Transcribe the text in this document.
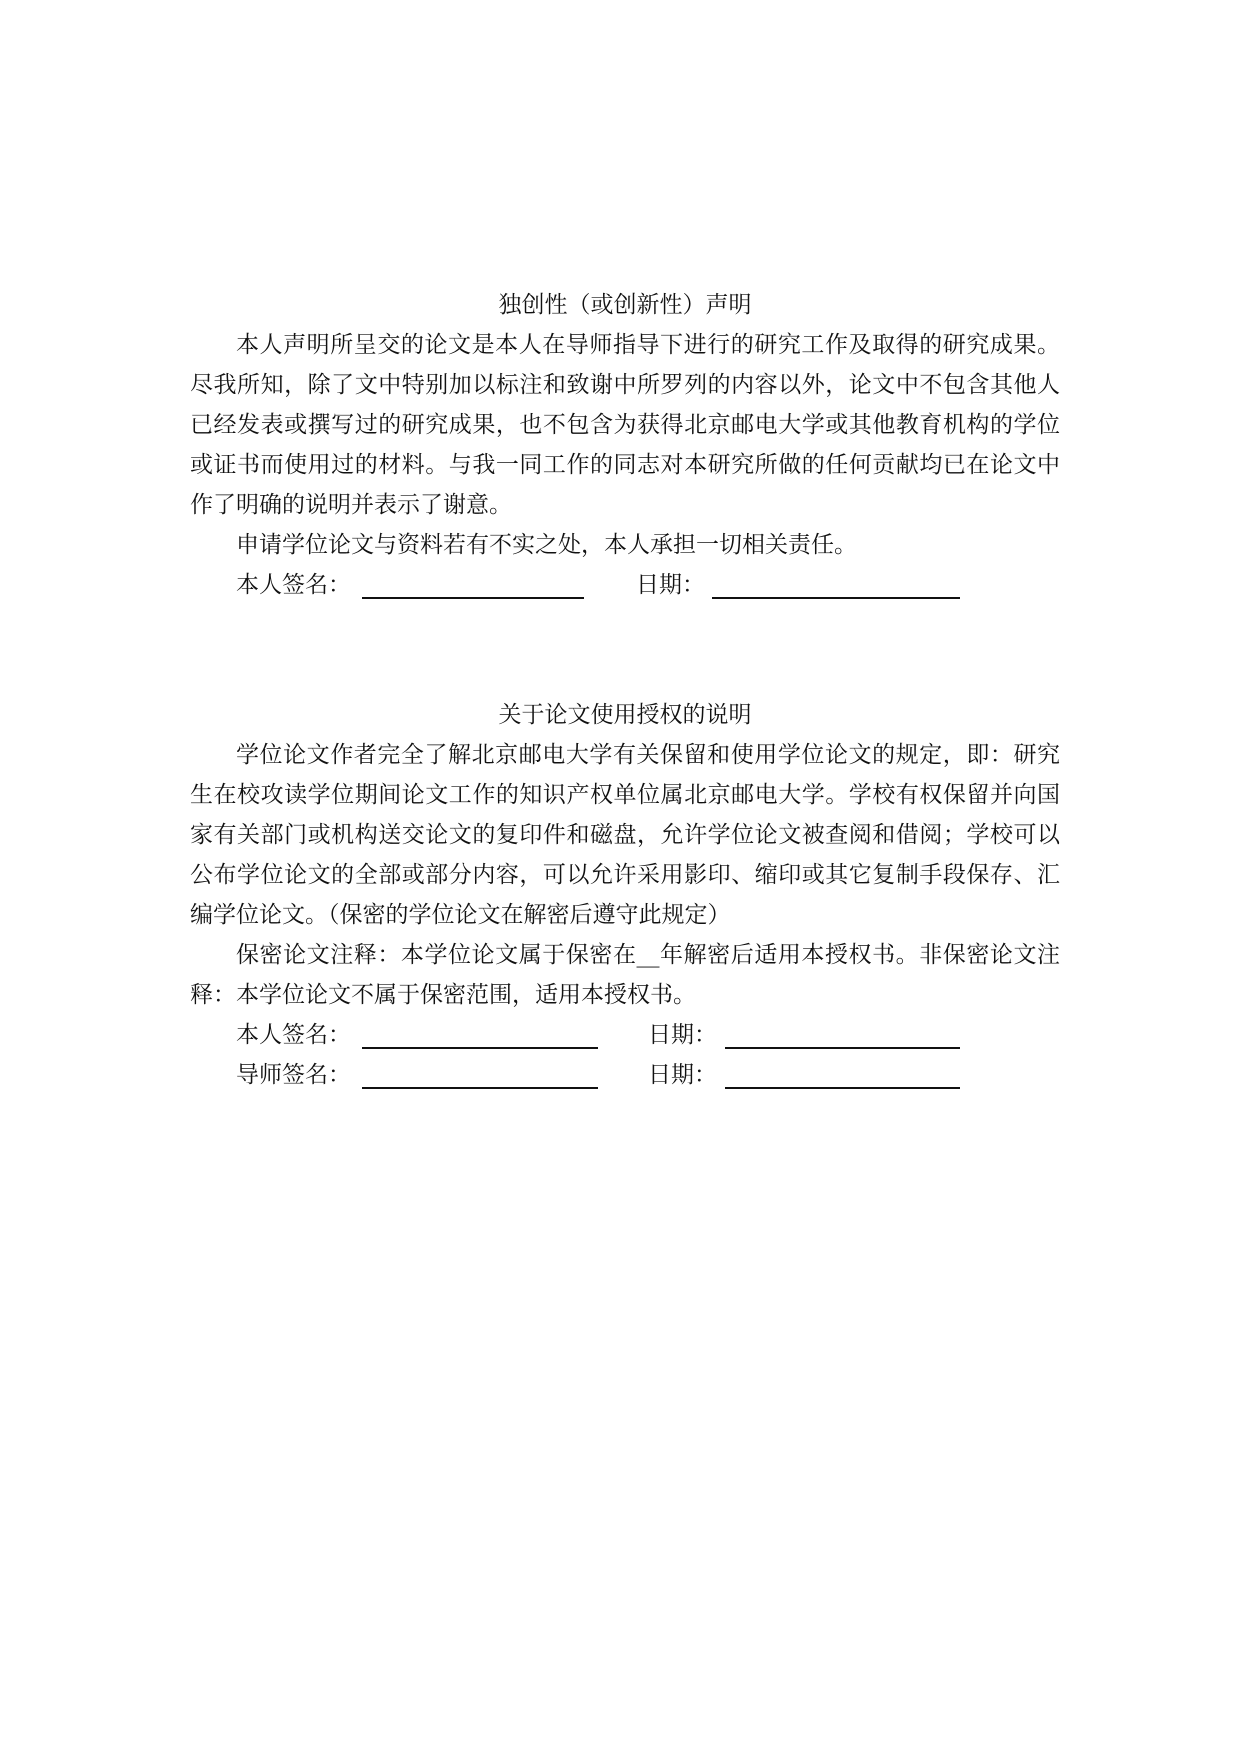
独创性（或创新性）声明

本人声明所呈交的论文是本人在导师指导下进行的研究工作及取得的研究成果。尽我所知，除了文中特别加以标注和致谢中所罗列的内容以外，论文中不包含其他人已经发表或撰写过的研究成果，也不包含为获得北京邮电大学或其他教育机构的学位或证书而使用过的材料。与我一同工作的同志对本研究所做的任何贡献均已在论文中作了明确的说明并表示了谢意。

申请学位论文与资料若有不实之处，本人承担一切相关责任。

本人签名：	日期：
关于论文使用授权的说明

学位论文作者完全了解北京邮电大学有关保留和使用学位论文的规定，即：研究生在校攻读学位期间论文工作的知识产权单位属北京邮电大学。学校有权保留并向国家有关部门或机构送交论文的复印件和磁盘，允许学位论文被查阅和借阅；学校可以公布学位论文的全部或部分内容，可以允许采用影印、缩印或其它复制手段保存、汇编学位论文。（保密的学位论文在解密后遵守此规定）

保密论文注释：本学位论文属于保密在__年解密后适用本授权书。非保密论文注释：本学位论文不属于保密范围，适用本授权书。

本人签名：	日期：
导师签名：	日期：
